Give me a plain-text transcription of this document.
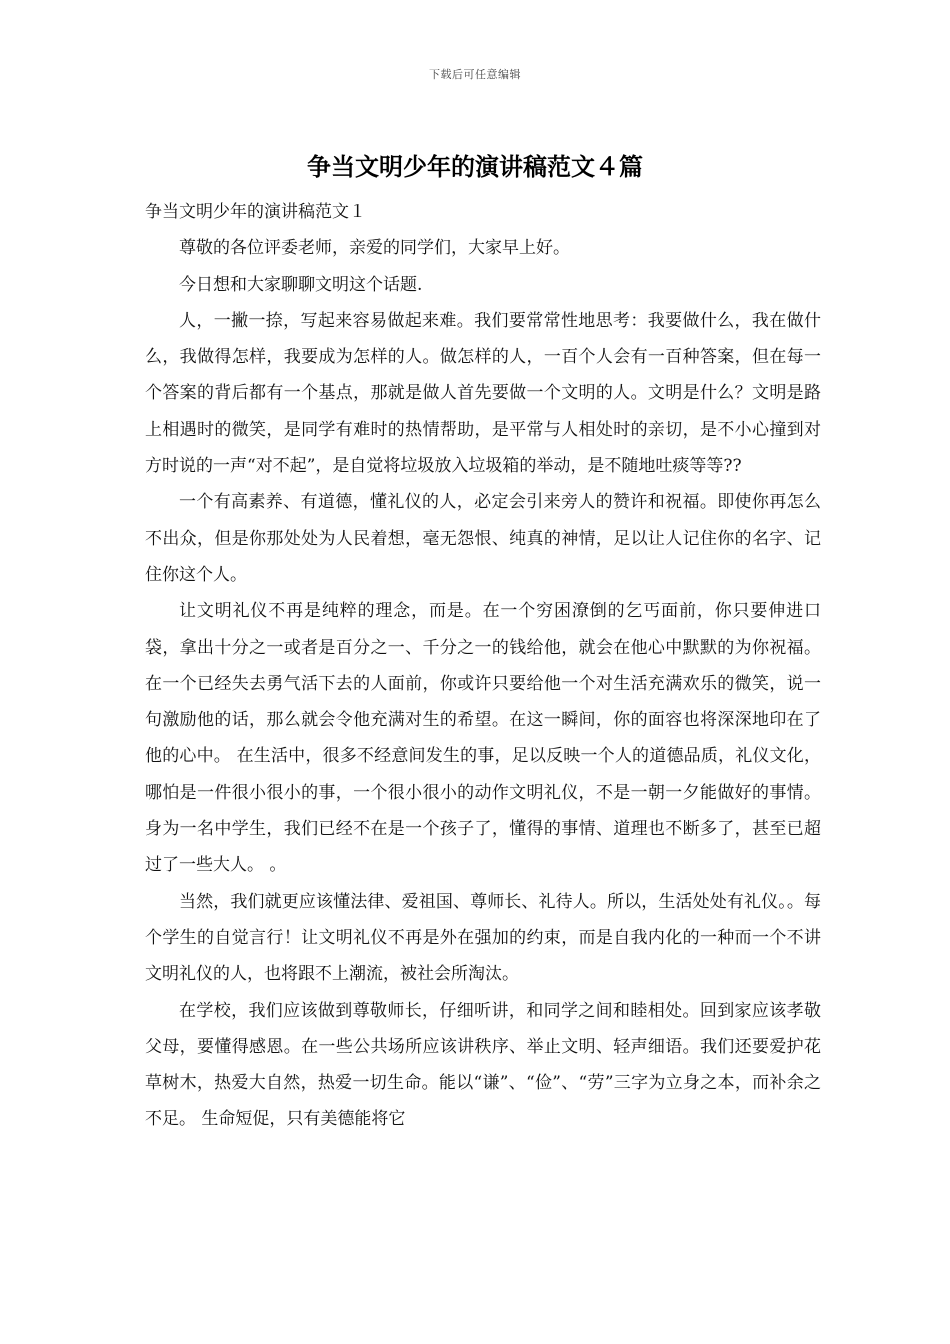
下载后可任意编辑
争当文明少年的演讲稿范文４篇

争当文明少年的演讲稿范文１

尊敬的各位评委老师，亲爱的同学们，大家早上好。

今日想和大家聊聊文明这个话题.

人，一撇一捺，写起来容易做起来难。我们要常常性地思考：我要做什么，我在做什么，我做得怎样，我要成为怎样的人。做怎样的人，一百个人会有一百种答案，但在每一个答案的背后都有一个基点，那就是做人首先要做一个文明的人。文明是什么？文明是路上相遇时的微笑，是同学有难时的热情帮助，是平常与人相处时的亲切，是不小心撞到对方时说的一声“对不起”，是自觉将垃圾放入垃圾箱的举动，是不随地吐痰等等??

一个有高素养、有道德，懂礼仪的人，必定会引来旁人的赞许和祝福。即使你再怎么不出众，但是你那处处为人民着想，毫无怨恨、纯真的神情，足以让人记住你的名字、记住你这个人。

让文明礼仪不再是纯粹的理念，而是。在一个穷困潦倒的乞丐面前，你只要伸进口袋，拿出十分之一或者是百分之一、千分之一的钱给他，就会在他心中默默的为你祝福。在一个已经失去勇气活下去的人面前，你或许只要给他一个对生活充满欢乐的微笑，说一句激励他的话，那么就会令他充满对生的希望。在这一瞬间，你的面容也将深深地印在了他的心中。 在生活中，很多不经意间发生的事，足以反映一个人的道德品质，礼仪文化，哪怕是一件很小很小的事，一个很小很小的动作文明礼仪，不是一朝一夕能做好的事情。身为一名中学生，我们已经不在是一个孩子了，懂得的事情、道理也不断多了，甚至已超过了一些大人。 。

当然，我们就更应该懂法律、爱祖国、尊师长、礼待人。所以，生活处处有礼仪。。每个学生的自觉言行！让文明礼仪不再是外在强加的约束，而是自我内化的一种而一个不讲文明礼仪的人，也将跟不上潮流，被社会所淘汰。

在学校，我们应该做到尊敬师长，仔细听讲，和同学之间和睦相处。回到家应该孝敬父母，要懂得感恩。在一些公共场所应该讲秩序、举止文明、轻声细语。我们还要爱护花草树木，热爱大自然，热爱一切生命。能以“谦”、“俭”、“劳”三字为立身之本，而补余之不足。 生命短促，只有美德能将它
